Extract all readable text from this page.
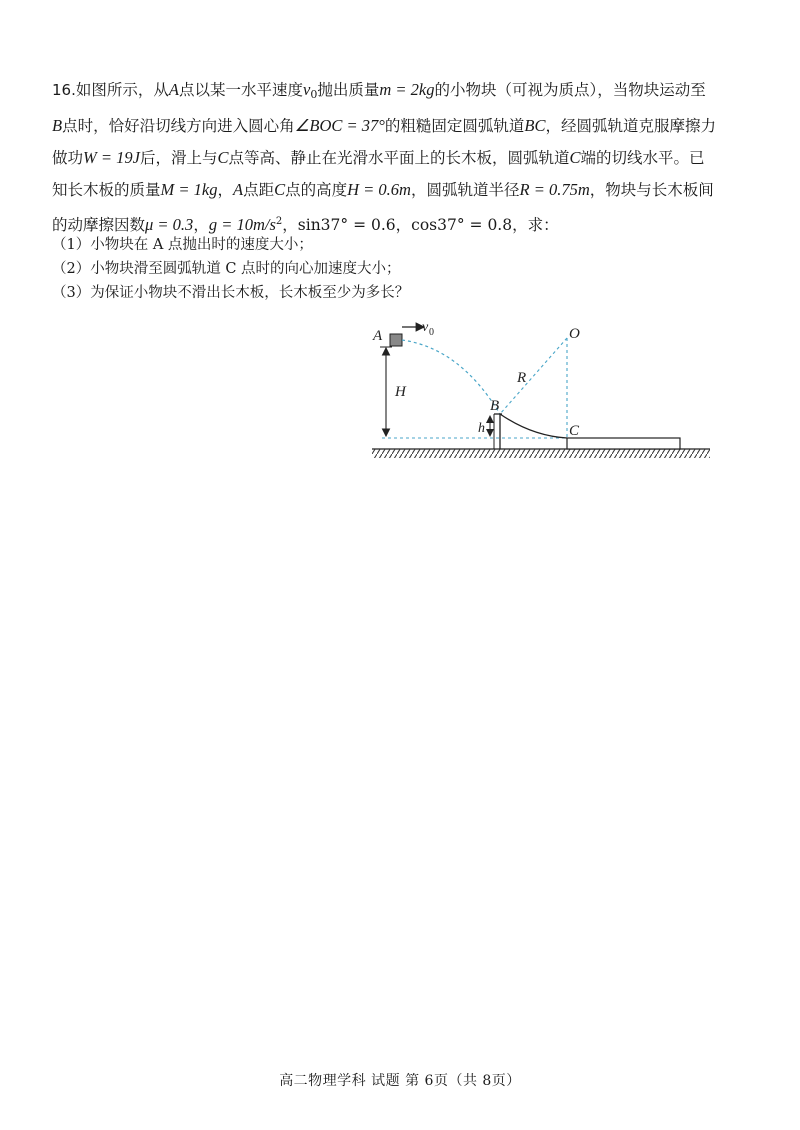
16.如图所示，从A点以某一水平速度$v_0$抛出质量m = 2kg的小物块（可视为质点），当物块运动至
B点时，恰好沿切线方向进入圆心角∠BOC = 37°的粗糙固定圆弧轨道BC，经圆弧轨道克服摩擦力
做功W = 19J后，滑上与C点等高、静止在光滑水平面上的长木板，圆弧轨道C端的切线水平。已
知长木板的质量M = 1kg，A点距C点的高度H = 0.6m，圆弧轨道半径R = 0.75m，物块与长木板间
的动摩擦因数μ = 0.3，$g = 10m/s^2$，sin37° = 0.6，cos37° = 0.8，求：

（1）小物块在 A 点抛出时的速度大小；
（2）小物块滑至圆弧轨道 C 点时的向心加速度大小；
（3）为保证小物块不滑出长木板，长木板至少为多长？
A
v 0	O
R
H
B
h	C
高二物理学科 试题 第 6页（共 8页）
